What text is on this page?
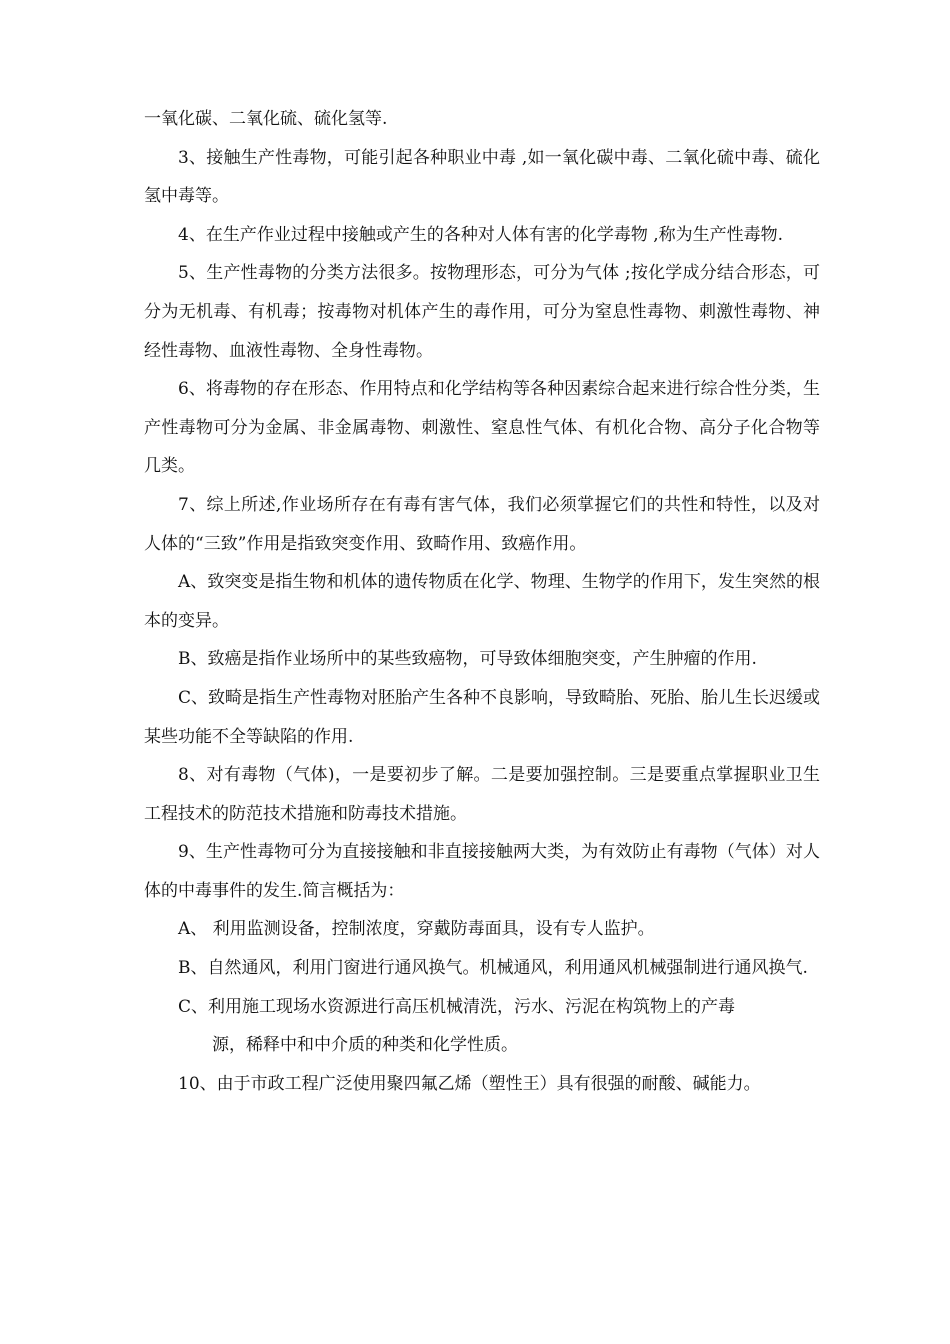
一氧化碳、二氧化硫、硫化氢等.

3、接触生产性毒物，可能引起各种职业中毒 ,如一氧化碳中毒、二氧化硫中毒、硫化氢中毒等。

4、在生产作业过程中接触或产生的各种对人体有害的化学毒物 ,称为生产性毒物.

5、生产性毒物的分类方法很多。按物理形态，可分为气体 ;按化学成分结合形态，可分为无机毒、有机毒；按毒物对机体产生的毒作用，可分为窒息性毒物、刺激性毒物、神经性毒物、血液性毒物、全身性毒物。

6、将毒物的存在形态、作用特点和化学结构等各种因素综合起来进行综合性分类，生产性毒物可分为金属、非金属毒物、刺激性、窒息性气体、有机化合物、高分子化合物等几类。

7、综上所述,作业场所存在有毒有害气体，我们必须掌握它们的共性和特性，以及对人体的“三致”作用是指致突变作用、致畸作用、致癌作用。

A、致突变是指生物和机体的遗传物质在化学、物理、生物学的作用下，发生突然的根本的变异。

B、致癌是指作业场所中的某些致癌物，可导致体细胞突变，产生肿瘤的作用.

C、致畸是指生产性毒物对胚胎产生各种不良影响，导致畸胎、死胎、胎儿生长迟缓或某些功能不全等缺陷的作用.

8、对有毒物（气体)，一是要初步了解。二是要加强控制。三是要重点掌握职业卫生工程技术的防范技术措施和防毒技术措施。

9、生产性毒物可分为直接接触和非直接接触两大类，为有效防止有毒物（气体）对人体的中毒事件的发生.简言概括为：

A、 利用监测设备，控制浓度，穿戴防毒面具，设有专人监护。

B、自然通风，利用门窗进行通风换气。机械通风，利用通风机械强制进行通风换气.

C、利用施工现场水资源进行高压机械清洗，污水、污泥在构筑物上的产毒
源，稀释中和中介质的种类和化学性质。

10、由于市政工程广泛使用聚四氟乙烯（塑性王）具有很强的耐酸、碱能力。
